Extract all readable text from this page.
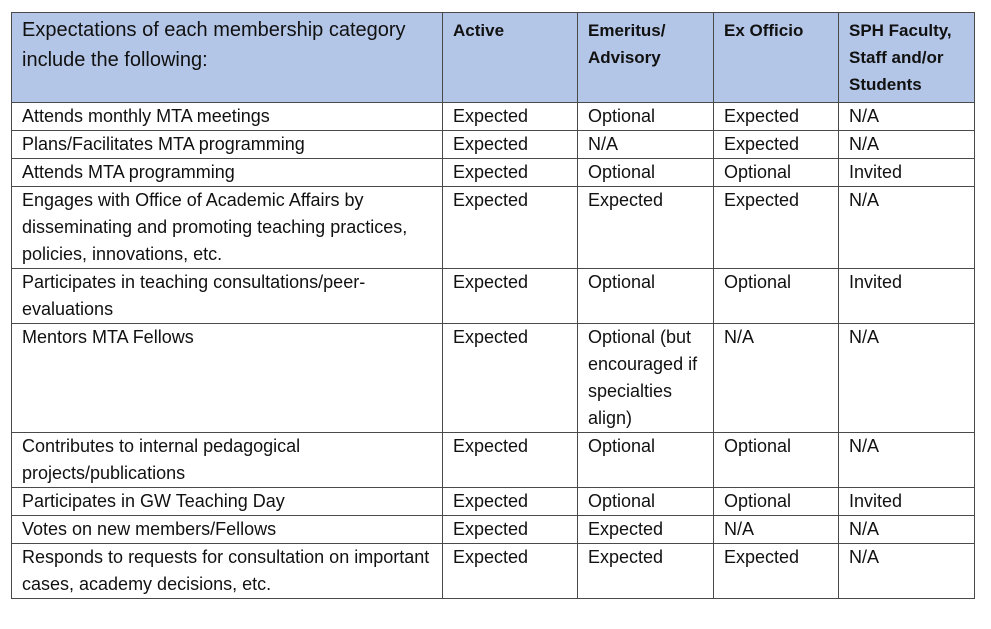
Expectations of each membership category include the following:	Active	Emeritus/ Advisory	Ex Officio	SPH Faculty, Staff and/or Students
Attends monthly MTA meetings	Expected	Optional	Expected	N/A
Plans/Facilitates MTA programming	Expected	N/A	Expected	N/A
Attends MTA programming	Expected	Optional	Optional	Invited
Engages with Office of Academic Affairs by disseminating and promoting teaching practices, policies, innovations, etc.	Expected	Expected	Expected	N/A
Participates in teaching consultations/peer-evaluations	Expected	Optional	Optional	Invited
Mentors MTA Fellows	Expected	Optional (but encouraged if specialties align)	N/A	N/A
Contributes to internal pedagogical projects/publications	Expected	Optional	Optional	N/A
Participates in GW Teaching Day	Expected	Optional	Optional	Invited
Votes on new members/Fellows	Expected	Expected	N/A	N/A
Responds to requests for consultation on important cases, academy decisions, etc.	Expected	Expected	Expected	N/A
